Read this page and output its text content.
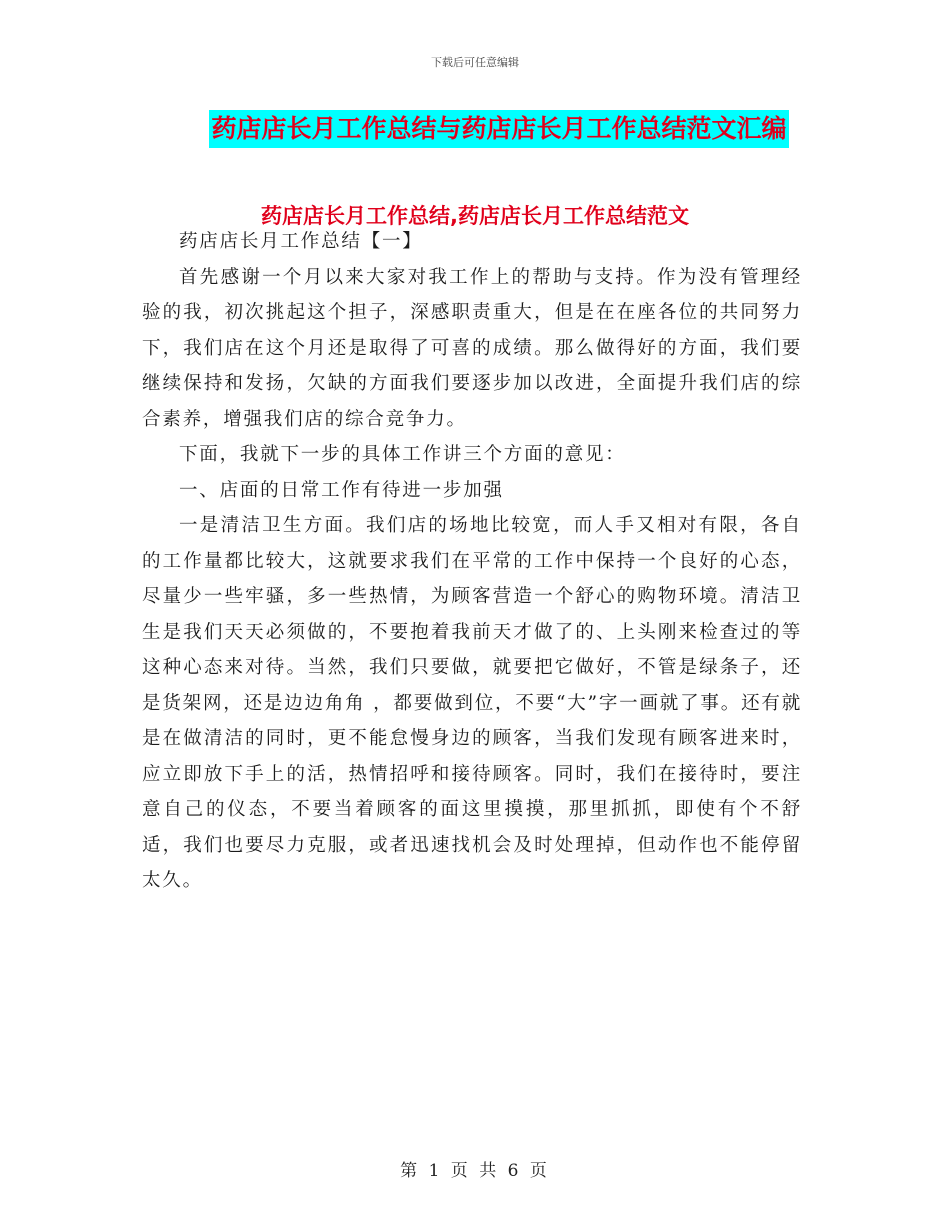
下载后可任意编辑
药店店长月工作总结与药店店长月工作总结范文汇编
药店店长月工作总结,药店店长月工作总结范文

药店店长月工作总结【一】

首先感谢一个月以来大家对我工作上的帮助与支持。作为没有管理经验的我，初次挑起这个担子，深感职责重大，但是在在座各位的共同努力下，我们店在这个月还是取得了可喜的成绩。那么做得好的方面，我们要继续保持和发扬，欠缺的方面我们要逐步加以改进，全面提升我们店的综合素养，增强我们店的综合竞争力。

下面，我就下一步的具体工作讲三个方面的意见：

一、店面的日常工作有待进一步加强

一是清洁卫生方面。我们店的场地比较宽，而人手又相对有限，各自的工作量都比较大，这就要求我们在平常的工作中保持一个良好的心态，尽量少一些牢骚，多一些热情，为顾客营造一个舒心的购物环境。清洁卫生是我们天天必须做的，不要抱着我前天才做了的、上头刚来检查过的等这种心态来对待。当然，我们只要做，就要把它做好，不管是绿条子，还是货架网，还是边边角角 ，都要做到位，不要“大”字一画就了事。还有就是在做清洁的同时，更不能怠慢身边的顾客，当我们发现有顾客进来时，应立即放下手上的活，热情招呼和接待顾客。同时，我们在接待时，要注意自己的仪态，不要当着顾客的面这里摸摸，那里抓抓，即使有个不舒适，我们也要尽力克服，或者迅速找机会及时处理掉，但动作也不能停留太久。

第 1 页 共 6 页
